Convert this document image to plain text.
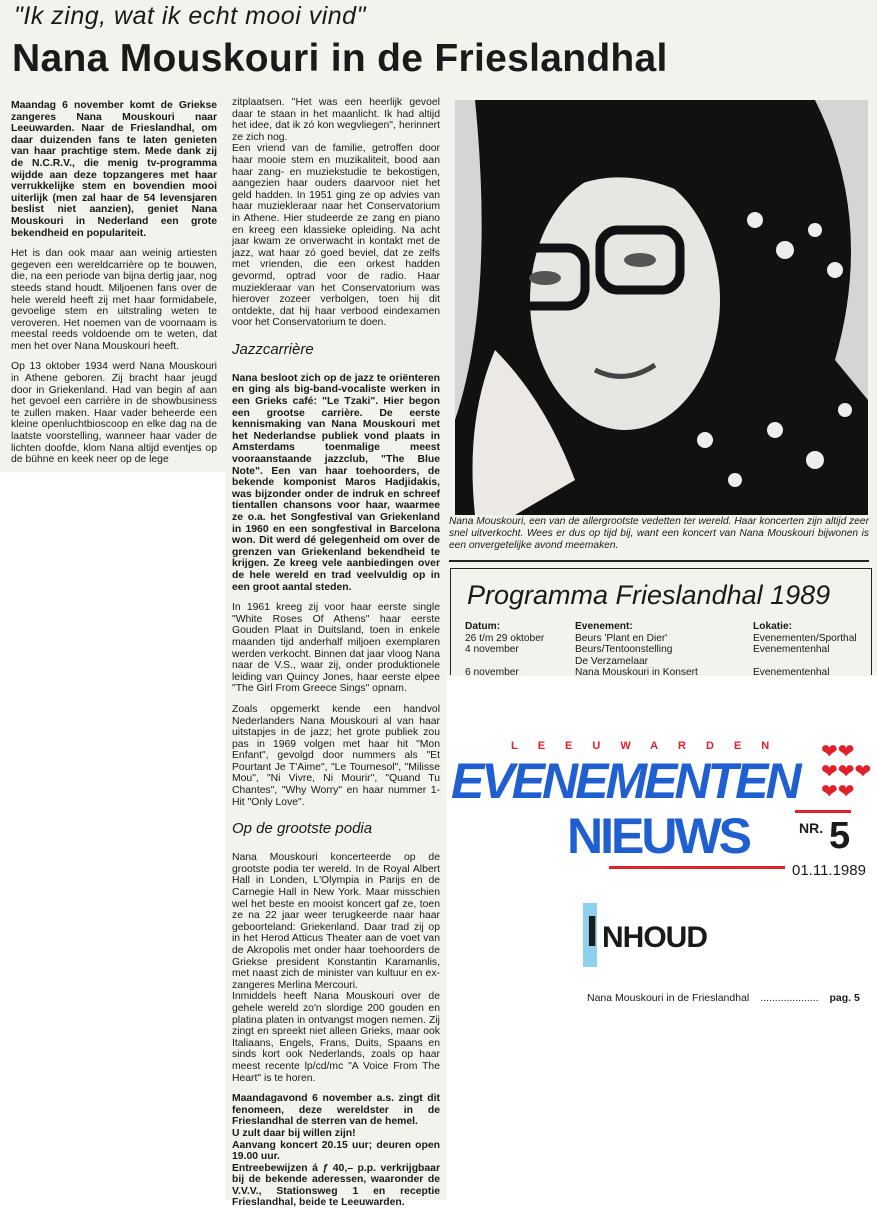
"Ik zing, wat ik echt mooi vind"
Nana Mouskouri in de Frieslandhal

Maandag 6 november komt de Griekse zangeres Nana Mouskouri naar Leeuwarden. Naar de Frieslandhal, om daar duizenden fans te laten genieten van haar prachtige stem. Mede dank zij de N.C.R.V., die menig tv-programma wijdde aan deze topzangeres met haar verrukkelijke stem en bovendien mooi uiterlijk (men zal haar de 54 levensjaren beslist niet aanzien), geniet Nana Mouskouri in Nederland een grote bekendheid en populariteit.

Het is dan ook maar aan weinig artiesten gegeven een wereldcarrière op te bouwen, die, na een periode van bijna dertig jaar, nog steeds stand houdt. Miljoenen fans over de hele wereld heeft zij met haar formidabele, gevoelige stem en uitstraling weten te veroveren. Het noemen van de voornaam is meestal reeds voldoende om te weten, dat men het over Nana Mouskouri heeft.

Op 13 oktober 1934 werd Nana Mouskouri in Athene geboren. Zij bracht haar jeugd door in Griekenland. Had van begin af aan het gevoel een carrière in de showbusiness te zullen maken. Haar vader beheerde een kleine openluchtbioscoop en elke dag na de laatste voorstelling, wanneer haar vader de lichten doofde, klom Nana altijd eventjes op de bühne en keek neer op de lege

zitplaatsen. "Het was een heerlijk gevoel daar te staan in het maanlicht. Ik had altijd het idee, dat ik zó kon wegvliegen", herinnert ze zich nog.

Een vriend van de familie, getroffen door haar mooie stem en muzikaliteit, bood aan haar zang- en muziekstudie te bekostigen, aangezien haar ouders daarvoor niet het geld hadden. In 1951 ging ze op advies van haar muziekleraar naar het Conservatorium in Athene. Hier studeerde ze zang en piano en kreeg een klassieke opleiding. Na acht jaar kwam ze onverwacht in kontakt met de jazz, wat haar zó goed beviel, dat ze zelfs met vrienden, die een orkest hadden gevormd, optrad voor de radio. Haar muziekleraar van het Conservatorium was hierover zozeer verbolgen, toen hij dit ontdekte, dat hij haar verbood eindexamen voor het Conservatorium te doen.

Jazzcarrière

Nana besloot zich op de jazz te oriënteren en ging als big-band-vocaliste werken in een Grieks café: "Le Tzaki". Hier begon een grootse carrière. De eerste kennismaking van Nana Mouskouri met het Nederlandse publiek vond plaats in Amsterdams toenmalige meest vooraanstaande jazzclub, "The Blue Note". Een van haar toehoorders, de bekende komponist Maros Hadjidakis, was bijzonder onder de indruk en schreef tientallen chansons voor haar, waarmee ze o.a. het Songfestival van Griekenland in 1960 en een songfestival in Barcelona won. Dit werd dé gelegenheid om over de grenzen van Griekenland bekendheid te krijgen. Ze kreeg vele aanbiedingen over de hele wereld en trad veelvuldig op in een groot aantal steden.

In 1961 kreeg zij voor haar eerste single "White Roses Of Athens" haar eerste Gouden Plaat in Duitsland, toen in enkele maanden tijd anderhalf miljoen exemplaren werden verkocht. Binnen dat jaar vloog Nana naar de V.S., waar zij, onder produktionele leiding van Quincy Jones, haar eerste elpee "The Girl From Greece Sings" opnam.

Zoals opgemerkt kende een handvol Nederlanders Nana Mouskouri al van haar uitstapjes in de jazz; het grote publiek zou pas in 1969 volgen met haar hit "Mon Enfant", gevolgd door nummers als "Et Pourtant Je T'Aime", "Le Tournesol", "Milisse Mou", "Ni Vivre, Ni Mourir", "Quand Tu Chantes", "Why Worry" en haar nummer 1-Hit "Only Love".

Op de grootste podia

Nana Mouskouri koncerteerde op de grootste podia ter wereld. In de Royal Albert Hall in Londen, L'Olympia in Parijs en de Carnegie Hall in New York. Maar misschien wel het beste en mooist koncert gaf ze, toen ze na 22 jaar weer terugkeerde naar haar geboorteland: Griekenland. Daar trad zij op in het Herod Atticus Theater aan de voet van de Akropolis met onder haar toehoorders de Griekse president Konstantin Karamanlis, met naast zich de minister van kultuur en ex-zangeres Merlina Mercouri.

Inmiddels heeft Nana Mouskouri over de gehele wereld zo'n slordige 200 gouden en platina platen in ontvangst mogen nemen. Zij zingt en spreekt niet alleen Grieks, maar ook Italiaans, Engels, Frans, Duits, Spaans en sinds kort ook Nederlands, zoals op haar meest recente lp/cd/mc "A Voice From The Heart" is te horen.

Maandagavond 6 november a.s. zingt dit fenomeen, deze wereldster in de Frieslandhal de sterren van de hemel.

U zult daar bij willen zijn!

Aanvang koncert 20.15 uur; deuren open 19.00 uur.

Entreebewijzen á ƒ 40,– p.p. verkrijgbaar bij de bekende aderessen, waaronder de V.V.V., Stationsweg 1 en receptie Frieslandhal, beide te Leeuwarden.

Nana Mouskouri, een van de allergrootste vedetten ter wereld. Haar koncerten zijn altijd zeer snel uitverkocht. Wees er dus op tijd bij, want een koncert van Nana Mouskouri bijwonen is een onvergetelijke avond meemaken.
Programma Frieslandhal 1989
Datum:
26 t/m 29 oktober
4 november
6 november
Evenement:
Beurs 'Plant en Dier'
Beurs/Tentoonstelling
De Verzamelaar
Nana Mouskouri in Konsert
Lokatie:
Evenementen/Sporthal
Evenementenhal
Evenementenhal
LEEUWARDEN
EVENEMENTEN
❤❤
❤❤❤
❤❤
NIEUWS	NR. 5
01.11.1989
I NHOUD
Nana Mouskouri in de Frieslandhal .................... pag. 5
